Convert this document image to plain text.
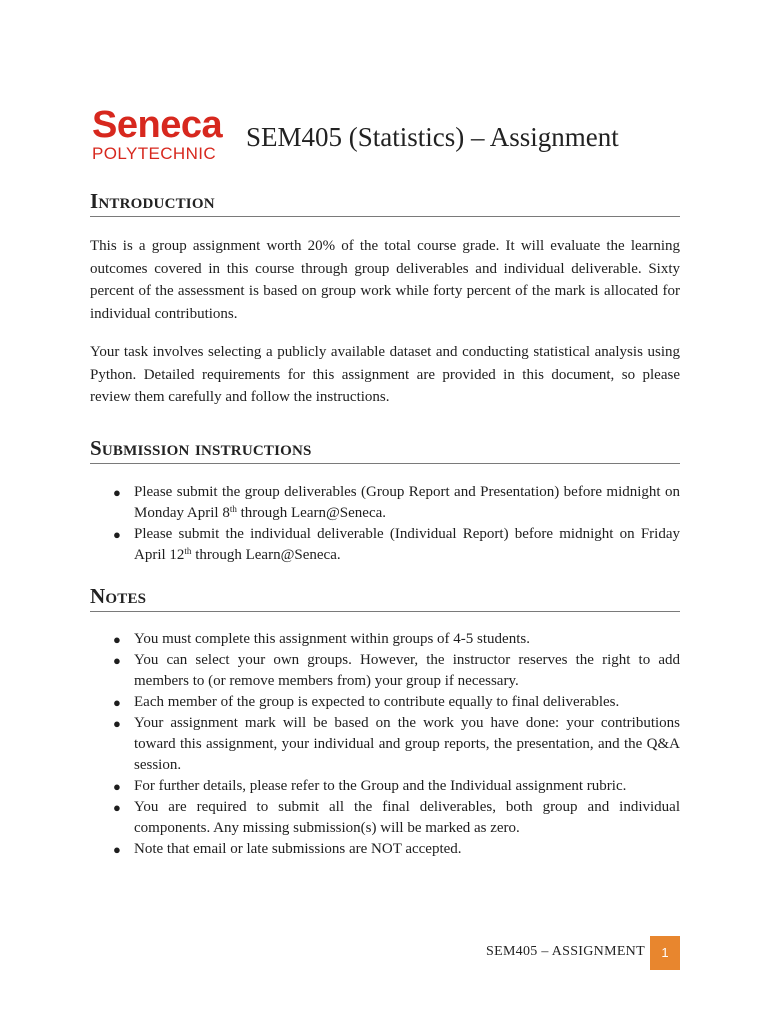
Seneca
POLYTECHNIC
SEM405 (Statistics) – Assignment
Introduction

This is a group assignment worth 20% of the total course grade. It will evaluate the learning outcomes covered in this course through group deliverables and individual deliverable. Sixty percent of the assessment is based on group work while forty percent of the mark is allocated for individual contributions.

Your task involves selecting a publicly available dataset and conducting statistical analysis using Python. Detailed requirements for this assignment are provided in this document, so please review them carefully and follow the instructions.

Submission instructions
● Please submit the group deliverables (Group Report and Presentation) before midnight on Monday April 8th through Learn@Seneca.
● Please submit the individual deliverable (Individual Report) before midnight on Friday April 12th through Learn@Seneca.
Notes
● You must complete this assignment within groups of 4-5 students.
● You can select your own groups. However, the instructor reserves the right to add members to (or remove members from) your group if necessary.
● Each member of the group is expected to contribute equally to final deliverables.
● Your assignment mark will be based on the work you have done: your contributions toward this assignment, your individual and group reports, the presentation, and the Q&A session.
● For further details, please refer to the Group and the Individual assignment rubric.
● You are required to submit all the final deliverables, both group and individual components. Any missing submission(s) will be marked as zero.
● Note that email or late submissions are NOT accepted.
SEM405 – ASSIGNMENT	1
